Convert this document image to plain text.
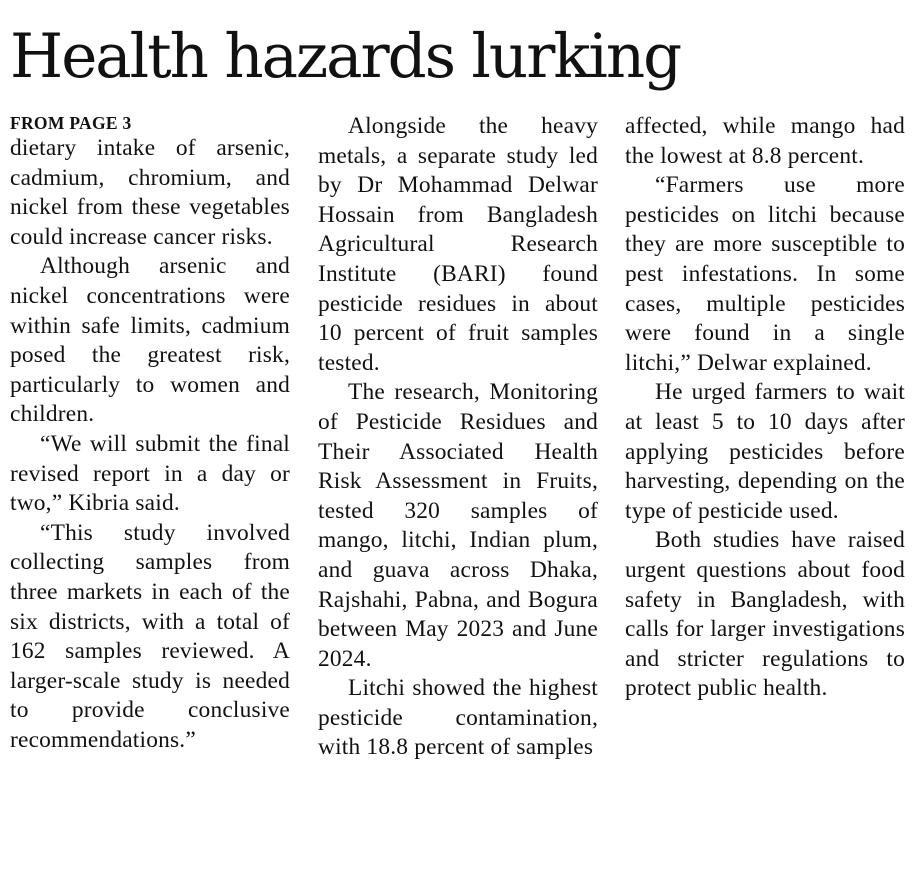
Health hazards lurking
FROM PAGE 3

dietary intake of arsenic, cadmium, chromium, and nickel from these vegetables could increase cancer risks.

Although arsenic and nickel concentrations were within safe limits, cadmium posed the greatest risk, particularly to women and children.

“We will submit the final revised report in a day or two,” Kibria said.

“This study involved collecting samples from three markets in each of the six districts, with a total of 162 samples reviewed. A larger-scale study is needed to provide conclusive recommendations.”

Alongside the heavy metals, a separate study led by Dr Mohammad Delwar Hossain from Bangladesh Agricultural Research Institute (BARI) found pesticide residues in about 10 percent of fruit samples tested.

The research, Monitoring of Pesticide Residues and Their Associated Health Risk Assessment in Fruits, tested 320 samples of mango, litchi, Indian plum, and guava across Dhaka, Rajshahi, Pabna, and Bogura between May 2023 and June 2024.

Litchi showed the highest pesticide contamination, with 18.8 percent of samples

affected, while mango had the lowest at 8.8 percent.

“Farmers use more pesticides on litchi because they are more susceptible to pest infestations. In some cases, multiple pesticides were found in a single litchi,” Delwar explained.

He urged farmers to wait at least 5 to 10 days after applying pesticides before harvesting, depending on the type of pesticide used.

Both studies have raised urgent questions about food safety in Bangladesh, with calls for larger investigations and stricter regulations to protect public health.
